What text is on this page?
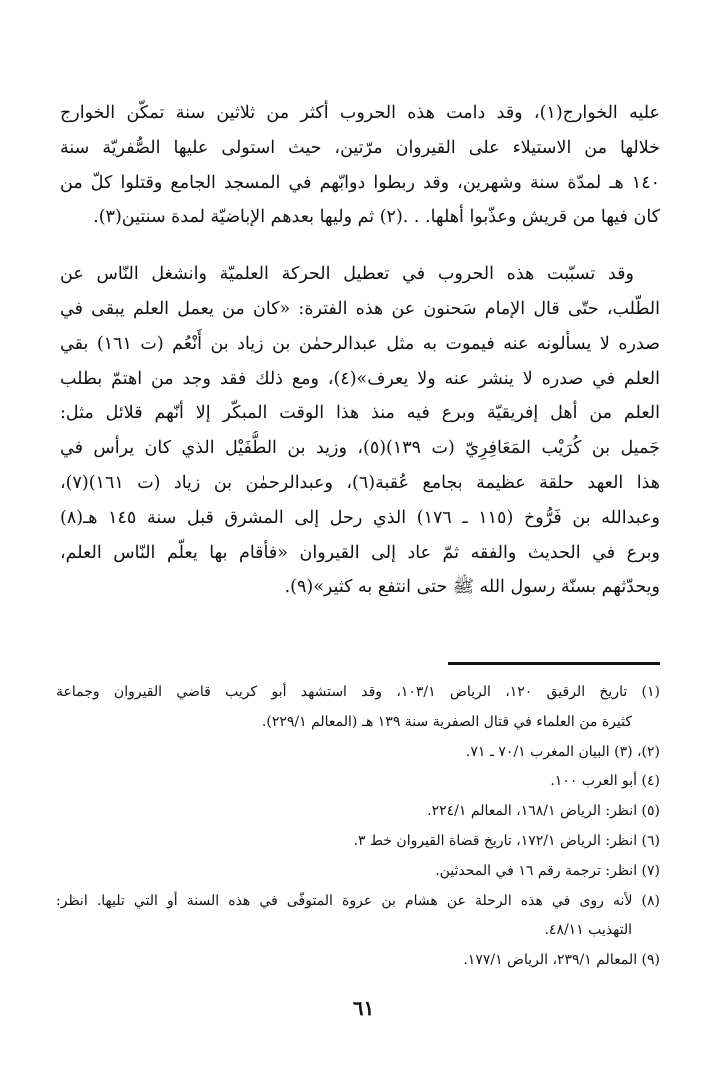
عليه الخوارج(١)، وقد دامت هذه الحروب أكثر من ثلاثين سنة تمكّن الخوارج
خلالها من الاستيلاء على القيروان مرّتين، حيث استولى عليها الصُّفريّة سنة
١٤٠ هـ لمدّة سنة وشهرين، وقد ربطوا دوابّهم في المسجد الجامع وقتلوا كلّ من
كان فيها من قريش وعذّبوا أهلها. . .(٢) ثم وليها بعدهم الإباضيّة لمدة سنتين(٣).
وقد تسبّبت هذه الحروب في تعطيل الحركة العلميّة وانشغل النّاس عن
الطّلب، حتّى قال الإمام سَحنون عن هذه الفترة: «كان من يعمل العلم يبقى في
صدره لا يسألونه عنه فيموت به مثل عبدالرحمٰن بن زياد بن أَنْعُم (ت ١٦١) بقي
العلم في صدره لا ينشر عنه ولا يعرف»(٤)، ومع ذلك فقد وجد من اهتمّ بطلب
العلم من أهل إفريقيّة وبرع فيه منذ هذا الوقت المبكّر إلا أنّهم قلائل مثل:
جَميل بن كُرَيْب المَعَافِرِيّ (ت ١٣٩)(٥)، وزيد بن الطُّفَيْل الذي كان يرأس في
هذا العهد حلقة عظيمة بجامع عُقبة(٦)، وعبدالرحمٰن بن زياد (ت ١٦١)(٧)،
وعبدالله بن فَرُّوخ (١١٥ ـ ١٧٦) الذي رحل إلى المشرق قبل سنة ١٤٥ هـ(٨)
وبرع في الحديث والفقه ثمّ عاد إلى القيروان «فأقام بها يعلّم النّاس العلم،
ويحدّثهم بسنّة رسول الله ﷺ حتى انتفع به كثير»(٩).
(١) تاريخ الرقيق ١٢٠، الرياض ١٠٣/١، وقد استشهد أبو كريب قاضي القيروان وجماعة
كثيرة من العلماء في قتال الصفرية سنة ١٣٩ هـ (المعالم ٢٢٩/١).
(٢)، (٣) البيان المغرب ٧٠/١ ـ ٧١.
(٤) أبو العرب ١٠٠.
(٥) انظر: الرياض ١٦٨/١، المعالم ٢٢٤/١.
(٦) انظر: الرياض ١٧٢/١، تاريخ قضاة القيروان خط ٣.
(٧) انظر: ترجمة رقم ١٦ في المحدثين.
(٨) لأنه روى في هذه الرحلة عن هشام بن عروة المتوفّى في هذه السنة أو التي تليها. انظر:
التهذيب ٤٨/١١.
(٩) المعالم ٢٣٩/١، الرياض ١٧٧/١.
٦١
